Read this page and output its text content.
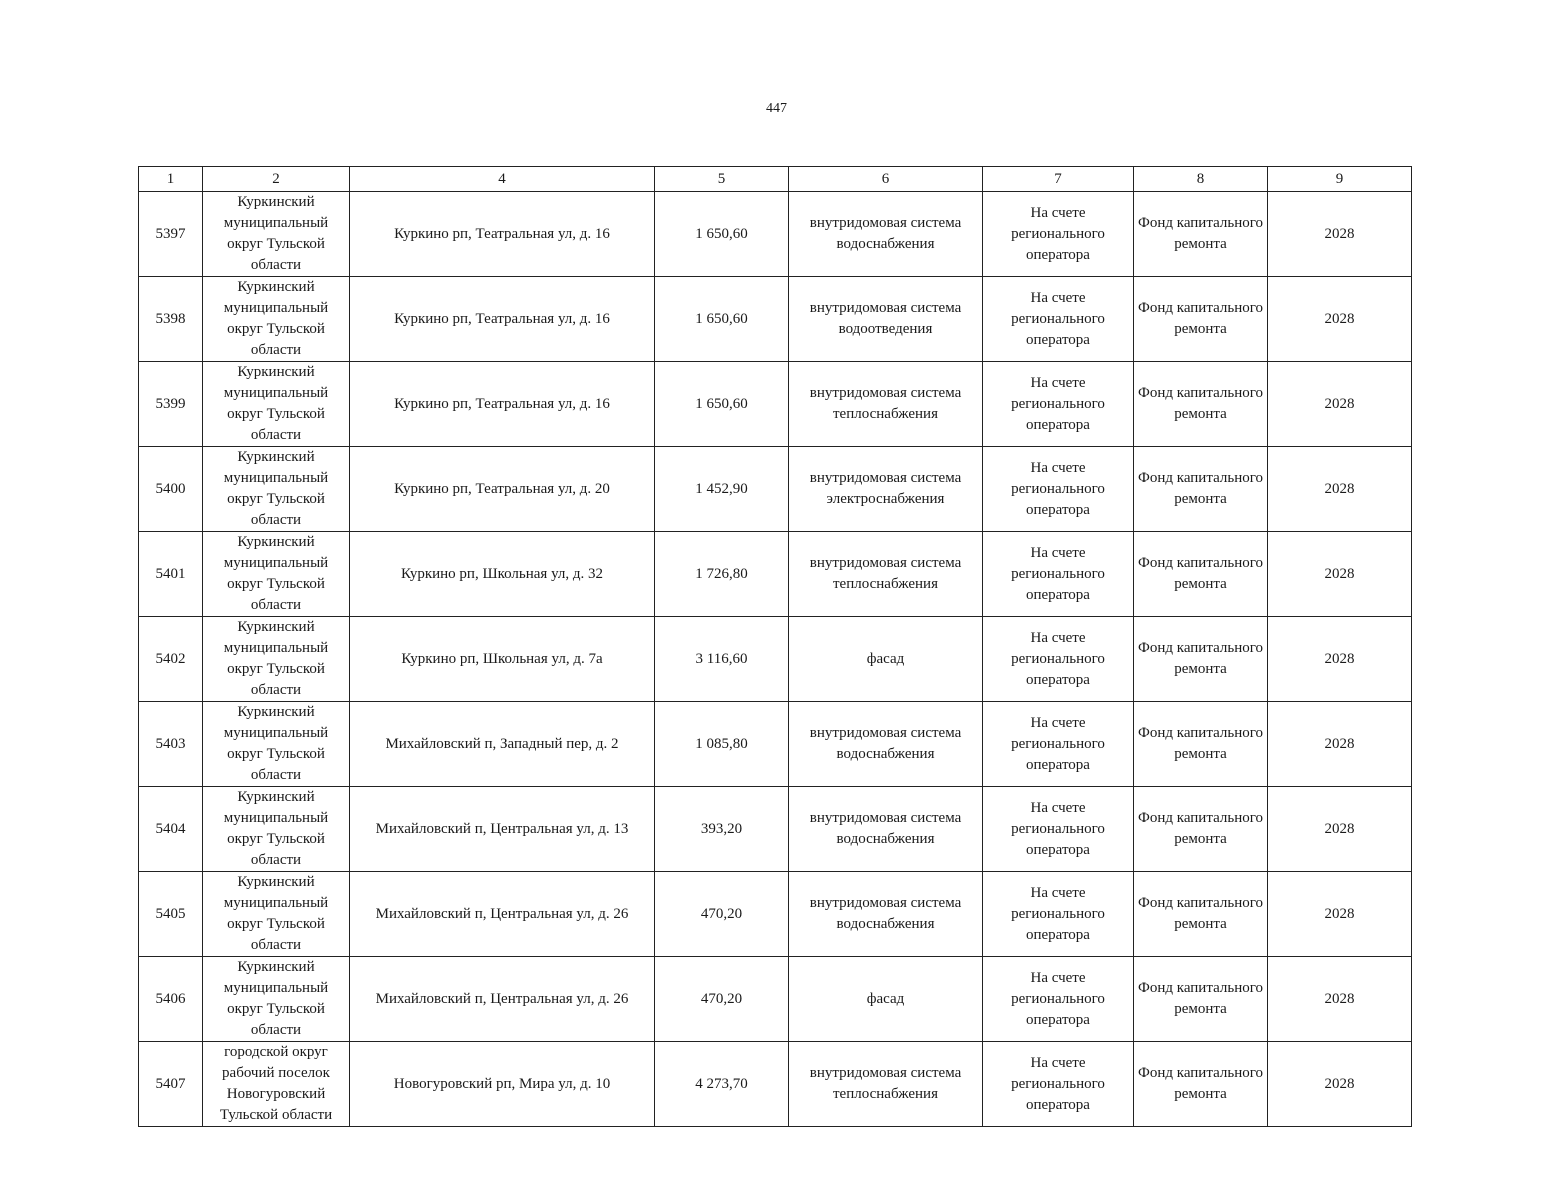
447
1	2	4	5	6	7	8	9
5397	Куркинский муниципальный округ Тульской области	Куркино рп, Театральная ул, д. 16	1 650,60	внутридомовая система водоснабжения	На счете регионального оператора	Фонд капитального ремонта	2028
5398	Куркинский муниципальный округ Тульской области	Куркино рп, Театральная ул, д. 16	1 650,60	внутридомовая система водоотведения	На счете регионального оператора	Фонд капитального ремонта	2028
5399	Куркинский муниципальный округ Тульской области	Куркино рп, Театральная ул, д. 16	1 650,60	внутридомовая система теплоснабжения	На счете регионального оператора	Фонд капитального ремонта	2028
5400	Куркинский муниципальный округ Тульской области	Куркино рп, Театральная ул, д. 20	1 452,90	внутридомовая система электроснабжения	На счете регионального оператора	Фонд капитального ремонта	2028
5401	Куркинский муниципальный округ Тульской области	Куркино рп, Школьная ул, д. 32	1 726,80	внутридомовая система теплоснабжения	На счете регионального оператора	Фонд капитального ремонта	2028
5402	Куркинский муниципальный округ Тульской области	Куркино рп, Школьная ул, д. 7а	3 116,60	фасад	На счете регионального оператора	Фонд капитального ремонта	2028
5403	Куркинский муниципальный округ Тульской области	Михайловский п, Западный пер, д. 2	1 085,80	внутридомовая система водоснабжения	На счете регионального оператора	Фонд капитального ремонта	2028
5404	Куркинский муниципальный округ Тульской области	Михайловский п, Центральная ул, д. 13	393,20	внутридомовая система водоснабжения	На счете регионального оператора	Фонд капитального ремонта	2028
5405	Куркинский муниципальный округ Тульской области	Михайловский п, Центральная ул, д. 26	470,20	внутридомовая система водоснабжения	На счете регионального оператора	Фонд капитального ремонта	2028
5406	Куркинский муниципальный округ Тульской области	Михайловский п, Центральная ул, д. 26	470,20	фасад	На счете регионального оператора	Фонд капитального ремонта	2028
5407	городской округ рабочий поселок Новогуровский Тульской области	Новогуровский рп, Мира ул, д. 10	4 273,70	внутридомовая система теплоснабжения	На счете регионального оператора	Фонд капитального ремонта	2028
